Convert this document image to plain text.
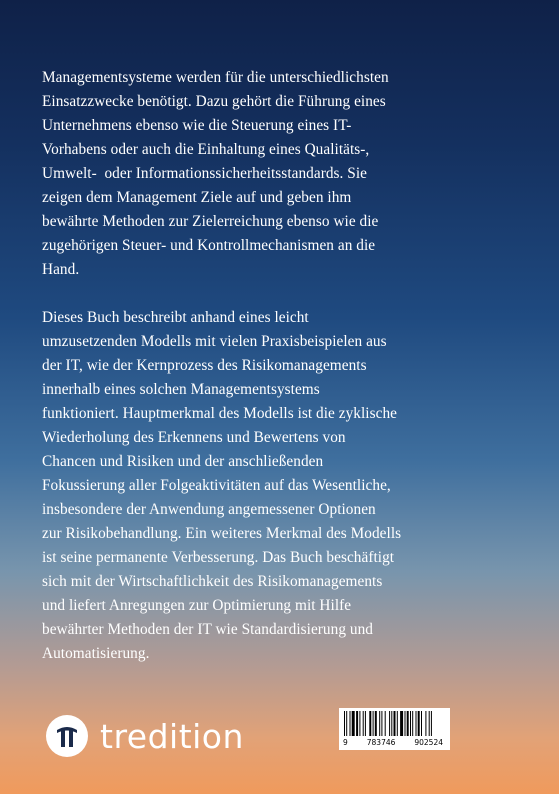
Managementsysteme werden für die unterschiedlichsten
Einsatzzwecke benötigt. Dazu gehört die Führung eines
Unternehmens ebenso wie die Steuerung eines IT-
Vorhabens oder auch die Einhaltung eines Qualitäts-,
Umwelt-  oder Informationssicherheitsstandards. Sie
zeigen dem Management Ziele auf und geben ihm
bewährte Methoden zur Zielerreichung ebenso wie die
zugehörigen Steuer- und Kontrollmechanismen an die
Hand.

Dieses Buch beschreibt anhand eines leicht
umzusetzenden Modells mit vielen Praxisbeispielen aus
der IT, wie der Kernprozess des Risikomanagements
innerhalb eines solchen Managementsystems
funktioniert. Hauptmerkmal des Modells ist die zyklische
Wiederholung des Erkennens und Bewertens von
Chancen und Risiken und der anschließenden
Fokussierung aller Folgeaktivitäten auf das Wesentliche,
insbesondere der Anwendung angemessener Optionen
zur Risikobehandlung. Ein weiteres Merkmal des Modells
ist seine permanente Verbesserung. Das Buch beschäftigt
sich mit der Wirtschaftlichkeit des Risikomanagements
und liefert Anregungen zur Optimierung mit Hilfe
bewährter Methoden der IT wie Standardisierung und
Automatisierung.

tredition	9	783746	902524
